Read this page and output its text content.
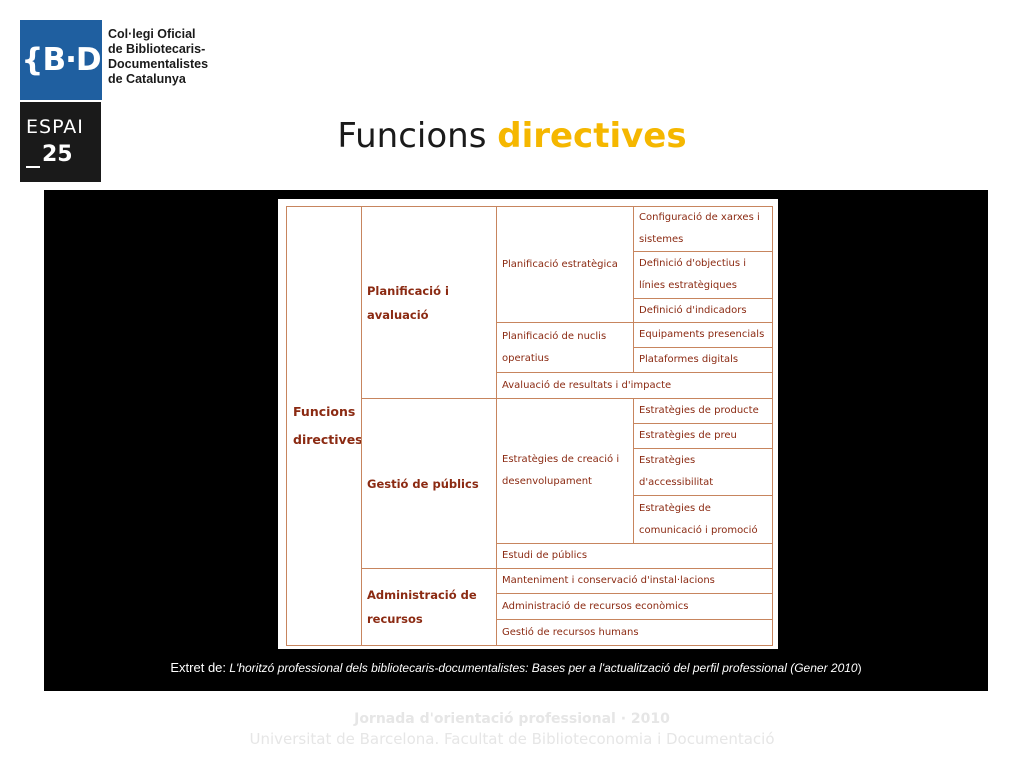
{B·D
Col·legi Oficial
de Bibliotecaris-
Documentalistes
de Catalunya
ESPAI
25	Funcions directives
Funcions directives
Planificació i avaluació
Gestió de públics
Administració de recursos
Planificació estratègica
Planificació de nuclis operatius
Avaluació de resultats i d'impacte
Estratègies de creació i desenvolupament
Estudi de públics
Manteniment i conservació d'instal·lacions
Administració de recursos econòmics
Gestió de recursos humans
Configuració de xarxes i sistemes
Definició d'objectius i línies estratègiques
Definició d'indicadors
Equipaments presencials
Plataformes digitals
Estratègies de producte
Estratègies de preu
Estratègies d'accessibilitat
Estratègies de comunicació i promoció
Extret de: L'horitzó professional dels bibliotecaris-documentalistes: Bases per a l'actualització del perfil professional (Gener 2010)
Jornada d'orientació professional · 2010
Universitat de Barcelona. Facultat de Biblioteconomia i Documentació
